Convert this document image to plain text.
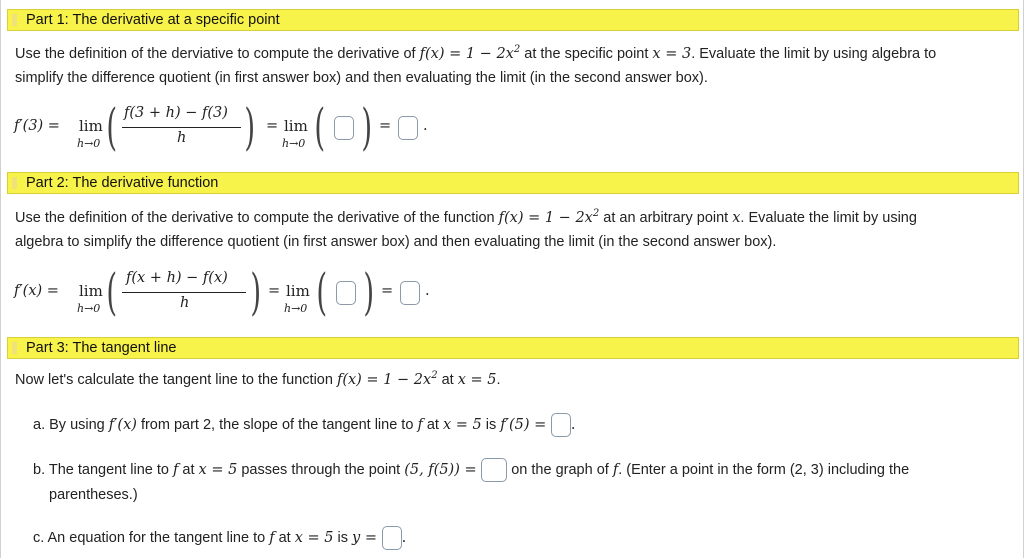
Part 1: The derivative at a specific point
Use the definition of the derviative to compute the derivative of $f(x) = 1 - 2x^2$ at the specific point x = 3. Evaluate the limit by using algebra to
simplify the difference quotient (in first answer box) and then evaluating the limit (in the second answer box).
f′(3) = lim
h→0 ( f(3 + h) − f(3)
h ) = lim
h→0 ( ) = .
Part 2: The derivative function
Use the definition of the derivative to compute the derivative of the function $f(x) = 1 - 2x^2$ at an arbitrary point x. Evaluate the limit by using
algebra to simplify the difference quotient (in first answer box) and then evaluating the limit (in the second answer box).
f′(x) = lim
h→0 ( f(x + h) − f(x)
h ) = lim
h→0 ( ) = .
Part 3: The tangent line
Now let's calculate the tangent line to the function $f(x) = 1 - 2x^2$ at x = 5.
a. By using f′(x) from part 2, the slope of the tangent line to f at x = 5 is f′(5) = .
b. The tangent line to f at x = 5 passes through the point (5, f(5)) = on the graph of f. (Enter a point in the form (2, 3) including the
parentheses.)
c. An equation for the tangent line to f at x = 5 is y = .
